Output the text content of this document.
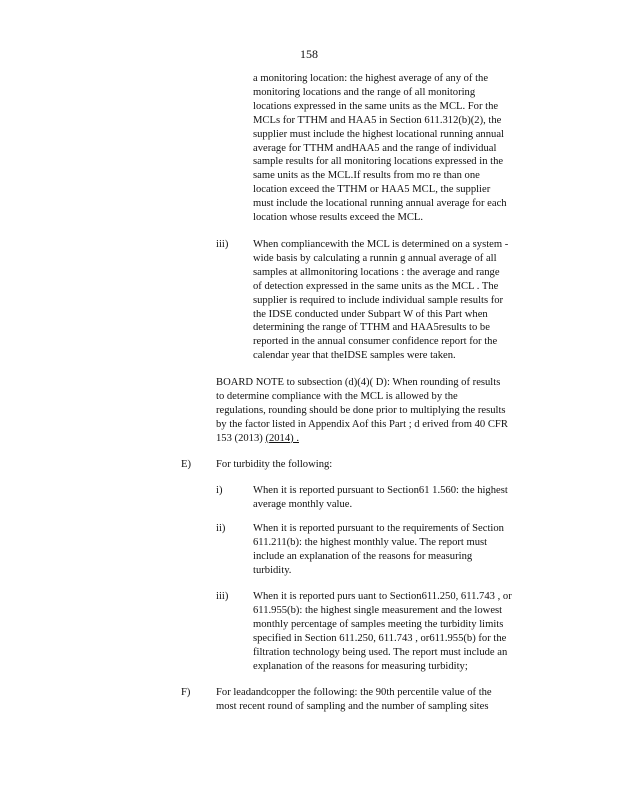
158
a monitoring location: the highest average of any of the
monitoring locations and the range of all monitoring
locations expressed in the same units as the MCL. For the
MCLs for TTHM and HAA5 in Section 611.312(b)(2), the
supplier must include the highest locational running annual
average for TTHM andHAA5 and the range of individual
sample results for all monitoring locations expressed in the
same units as the MCL.If results from mo re than one
location exceed the TTHM or HAA5 MCL, the supplier
must include the locational running annual average for each
location whose results exceed the MCL.
iii) When compliancewith the MCL is determined on a system -
wide basis by calculating a runnin g annual average of all
samples at allmonitoring locations : the average and range
of detection expressed in the same units as the MCL . The
supplier is required to include individual sample results for
the IDSE conducted under Subpart W of this Part when
determining the range of TTHM and HAA5results to be
reported in the annual consumer confidence report for the
calendar year that theIDSE samples were taken.
BOARD NOTE to subsection (d)(4)( D): When rounding of results
to determine compliance with the MCL is allowed by the
regulations, rounding should be done prior to multiplying the results
by the factor listed in Appendix Aof this Part ; d erived from 40 CFR
153 (2013) (2014) .
E) For turbidity the following:
i)	When it is reported pursuant to Section61 1.560: the highest
average monthly value.
ii)	When it is reported pursuant to the requirements of Section
611.211(b): the highest monthly value. The report must
include an explanation of the reasons for measuring
turbidity.
iii) When it is reported purs uant to Section611.250, 611.743 , or
611.955(b): the highest single measurement and the lowest
monthly percentage of samples meeting the turbidity limits
specified in Section 611.250, 611.743 , or611.955(b) for the
filtration technology being used. The report must include an
explanation of the reasons for measuring turbidity;
F) For leadandcopper the following: the 90th percentile value of the
most recent round of sampling and the number of sampling sites
